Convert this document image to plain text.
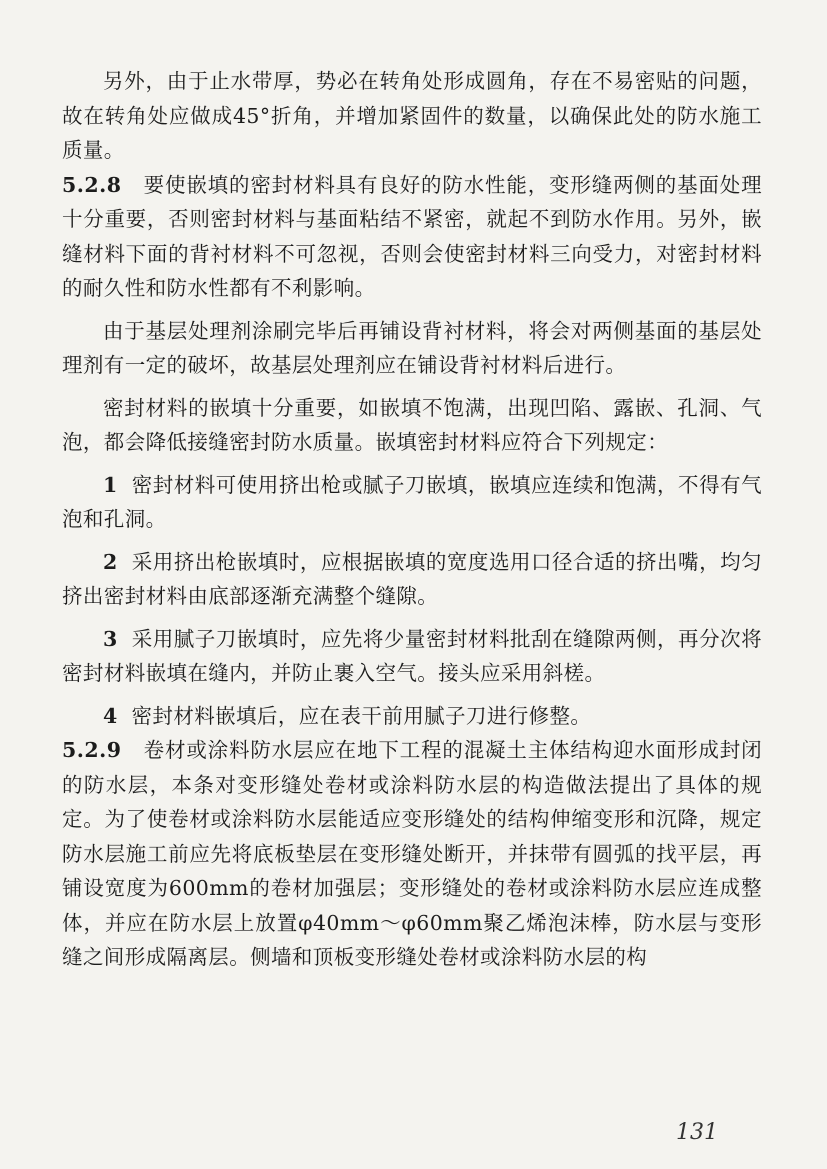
另外，由于止水带厚，势必在转角处形成圆角，存在不易密贴的问题，故在转角处应做成45°折角，并增加紧固件的数量，以确保此处的防水施工质量。

5.2.8 要使嵌填的密封材料具有良好的防水性能，变形缝两侧的基面处理十分重要，否则密封材料与基面粘结不紧密，就起不到防水作用。另外，嵌缝材料下面的背衬材料不可忽视，否则会使密封材料三向受力，对密封材料的耐久性和防水性都有不利影响。

由于基层处理剂涂刷完毕后再铺设背衬材料，将会对两侧基面的基层处理剂有一定的破坏，故基层处理剂应在铺设背衬材料后进行。

密封材料的嵌填十分重要，如嵌填不饱满，出现凹陷、露嵌、孔洞、气泡，都会降低接缝密封防水质量。嵌填密封材料应符合下列规定：

1 密封材料可使用挤出枪或腻子刀嵌填，嵌填应连续和饱满，不得有气泡和孔洞。

2 采用挤出枪嵌填时，应根据嵌填的宽度选用口径合适的挤出嘴，均匀挤出密封材料由底部逐渐充满整个缝隙。

3 采用腻子刀嵌填时，应先将少量密封材料批刮在缝隙两侧，再分次将密封材料嵌填在缝内，并防止裹入空气。接头应采用斜槎。

4 密封材料嵌填后，应在表干前用腻子刀进行修整。

5.2.9 卷材或涂料防水层应在地下工程的混凝土主体结构迎水面形成封闭的防水层，本条对变形缝处卷材或涂料防水层的构造做法提出了具体的规定。为了使卷材或涂料防水层能适应变形缝处的结构伸缩变形和沉降，规定防水层施工前应先将底板垫层在变形缝处断开，并抹带有圆弧的找平层，再铺设宽度为600mm的卷材加强层；变形缝处的卷材或涂料防水层应连成整体，并应在防水层上放置φ40mm～φ60mm聚乙烯泡沫棒，防水层与变形缝之间形成隔离层。侧墙和顶板变形缝处卷材或涂料防水层的构

131
